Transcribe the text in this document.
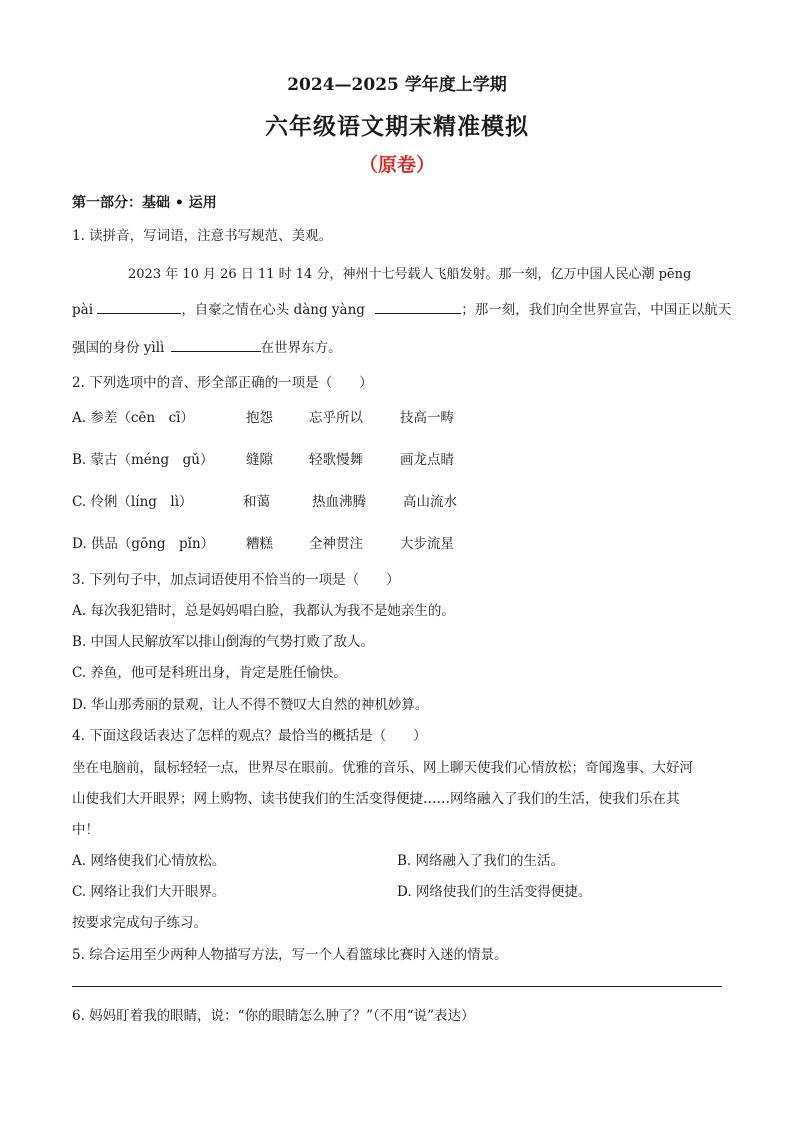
2024—2025 学年度上学期
六年级语文期末精准模拟
（原卷）
第一部分：基础 • 运用
1. 读拼音，写词语，注意书写规范、美观。
2023 年 10 月 26 日 11 时 14 分，神州十七号载人飞船发射。那一刻，亿万中国人民心潮 pēng
pài	，自豪之情在心头 dàng yàng	；那一刻，我们向全世界宣告，中国正以航天
强国的身份 yìlì	在世界东方。
2. 下列选项中的音、形全部正确的一项是（　　）
A. 参差（cēn　cī）	抱怨	忘乎所以	技高一畴
B. 蒙古（méng　gǔ） 缝隙	轻歌慢舞	画龙点睛
C. 伶俐（líng　lì）	和蔼	热血沸腾	高山流水
D. 供品（gōng　pǐn） 糟糕	全神贯注	大步流星
3. 下列句子中，加点词语使用不恰当的一项是（　　）
A. 每次我犯错时，总是妈妈唱白脸，我都认为我不是她亲生的。
B. 中国人民解放军以排山倒海的气势打败了敌人。
C. 养鱼，他可是科班出身，肯定是胜任愉快。
D. 华山那秀丽的景观，让人不得不赞叹大自然的神机妙算。
4. 下面这段话表达了怎样的观点？最恰当的概括是（　　）
坐在电脑前，鼠标轻轻一点，世界尽在眼前。优雅的音乐、网上聊天使我们心情放松；奇闻逸事、大好河
山使我们大开眼界；网上购物、读书使我们的生活变得便捷……网络融入了我们的生活，使我们乐在其
中！
A. 网络使我们心情放松。	B. 网络融入了我们的生活。
C. 网络让我们大开眼界。	D. 网络使我们的生活变得便捷。
按要求完成句子练习。
5. 综合运用至少两种人物描写方法，写一个人看篮球比赛时入迷的情景。
6. 妈妈盯着我的眼睛，说：“你的眼睛怎么肿了？”（不用“说”表达）
